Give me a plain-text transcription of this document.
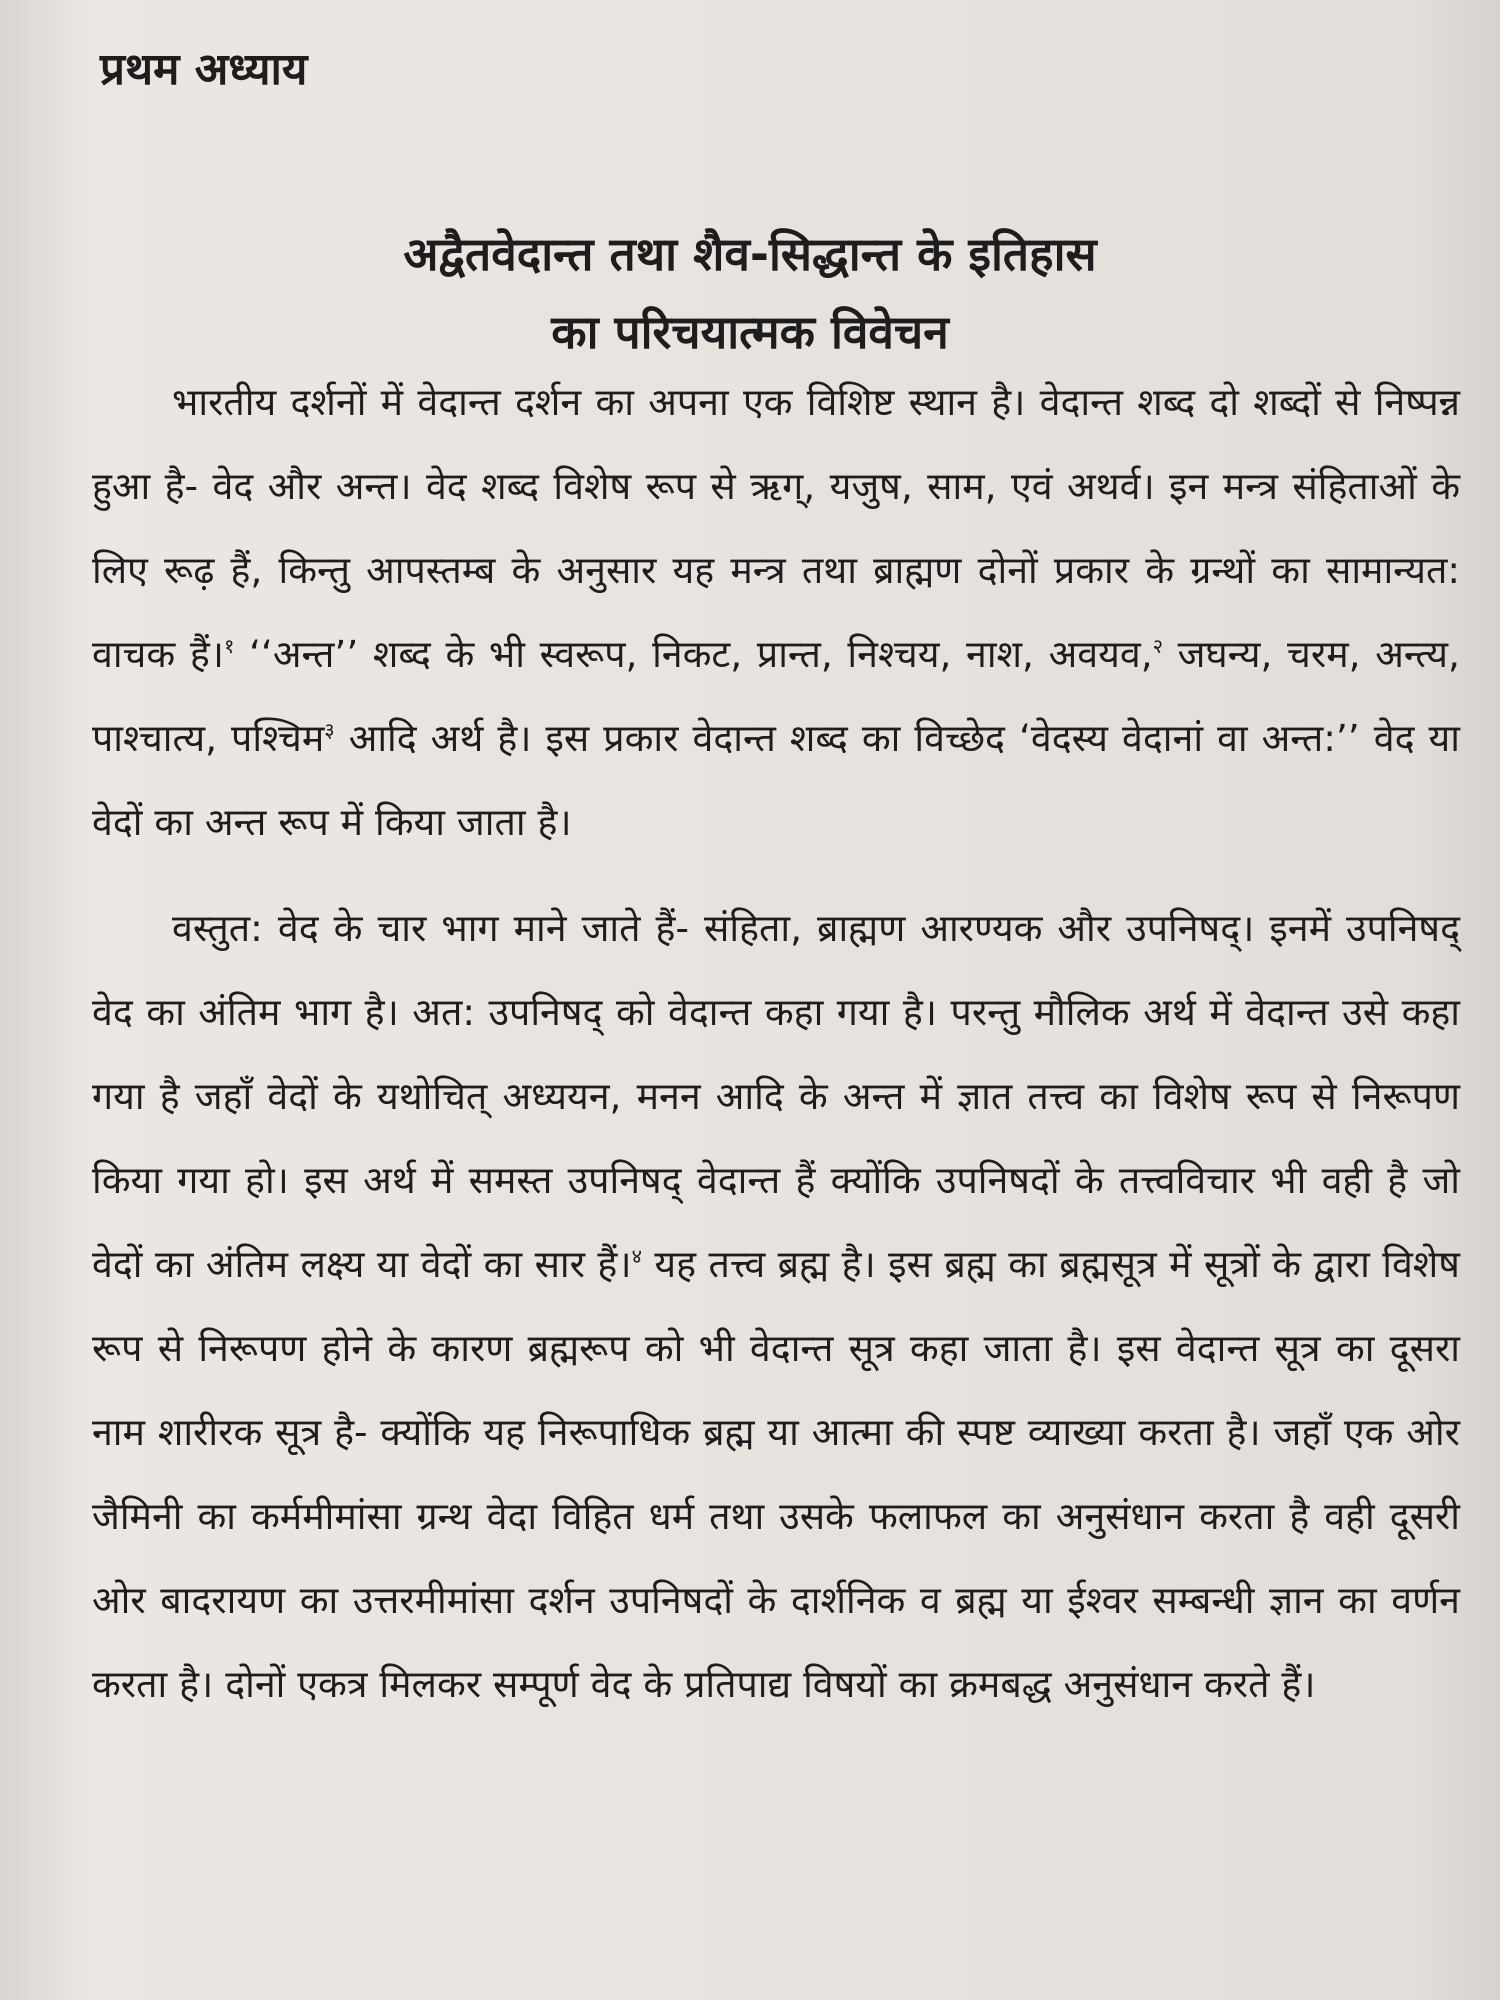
प्रथम अध्याय
अद्वैतवेदान्त तथा शैव-सिद्धान्त के इतिहास
का परिचयात्मक विवेचन

भारतीय दर्शनों में वेदान्त दर्शन का अपना एक विशिष्ट स्थान है। वेदान्त शब्द दो शब्दों से निष्पन्न हुआ है- वेद और अन्त। वेद शब्द विशेष रूप से ऋग्, यजुष, साम, एवं अथर्व। इन मन्त्र संहिताओं के लिए रूढ़ हैं, किन्तु आपस्तम्ब के अनुसार यह मन्त्र तथा ब्राह्मण दोनों प्रकार के ग्रन्थों का सामान्यत: वाचक हैं।$^१$ ‘‘अन्त’’ शब्द के भी स्वरूप, निकट, प्रान्त, निश्चय, नाश, अवयव,$^२$ जघन्य, चरम, अन्त्य, पाश्चात्य, पश्चिम$^३$ आदि अर्थ है। इस प्रकार वेदान्त शब्द का विच्छेद ‘वेदस्य वेदानां वा अन्त:’’ वेद या वेदों का अन्त रूप में किया जाता है।

वस्तुत: वेद के चार भाग माने जाते हैं- संहिता, ब्राह्मण आरण्यक और उपनिषद्। इनमें उपनिषद् वेद का अंतिम भाग है। अत: उपनिषद् को वेदान्त कहा गया है। परन्तु मौलिक अर्थ में वेदान्त उसे कहा गया है जहाँ वेदों के यथोचित् अध्ययन, मनन आदि के अन्त में ज्ञात तत्त्व का विशेष रूप से निरूपण किया गया हो। इस अर्थ में समस्त उपनिषद् वेदान्त हैं क्योंकि उपनिषदों के तत्त्वविचार भी वही है जो वेदों का अंतिम लक्ष्य या वेदों का सार हैं।$^४$ यह तत्त्व ब्रह्म है। इस ब्रह्म का ब्रह्मसूत्र में सूत्रों के द्वारा विशेष रूप से निरूपण होने के कारण ब्रह्मरूप को भी वेदान्त सूत्र कहा जाता है। इस वेदान्त सूत्र का दूसरा नाम शारीरक सूत्र है- क्योंकि यह निरूपाधिक ब्रह्म या आत्मा की स्पष्ट व्याख्या करता है। जहाँ एक ओर जैमिनी का कर्ममीमांसा ग्रन्थ वेदा विहित धर्म तथा उसके फलाफल का अनुसंधान करता है वही दूसरी ओर बादरायण का उत्तरमीमांसा दर्शन उपनिषदों के दार्शनिक व ब्रह्म या ईश्वर सम्बन्धी ज्ञान का वर्णन करता है। दोनों एकत्र मिलकर सम्पूर्ण वेद के प्रतिपाद्य विषयों का क्रमबद्ध अनुसंधान करते हैं।
